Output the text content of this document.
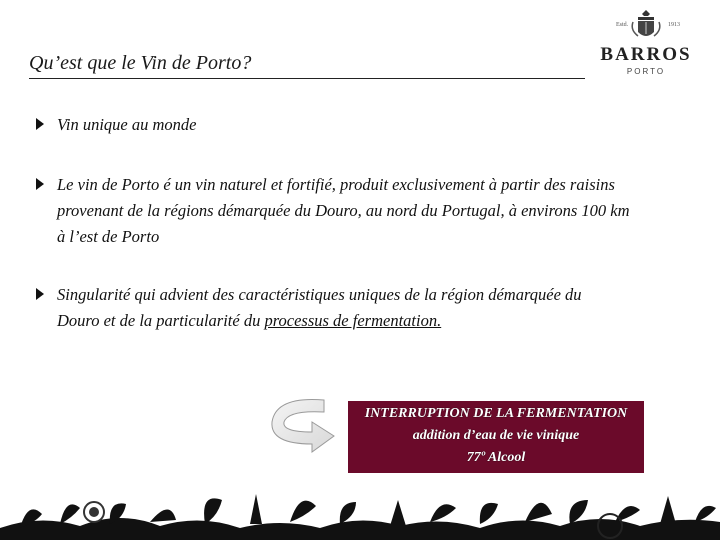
Qu’est que le Vin de Porto?
Estd.	1913
BARROS
PORTO
Vin unique au monde
Le vin de Porto é un vin naturel et fortifié, produit exclusivement à partir des raisins provenant de la régions démarquée du Douro, au nord du Portugal, à environs 100 km à l’est de Porto
Singularité qui advient des caractéristiques uniques de la région démarquée du Douro et de la particularité du processus de fermentation.
INTERRUPTION DE LA FERMENTATION
addition d’eau de vie vinique
77º Alcool
